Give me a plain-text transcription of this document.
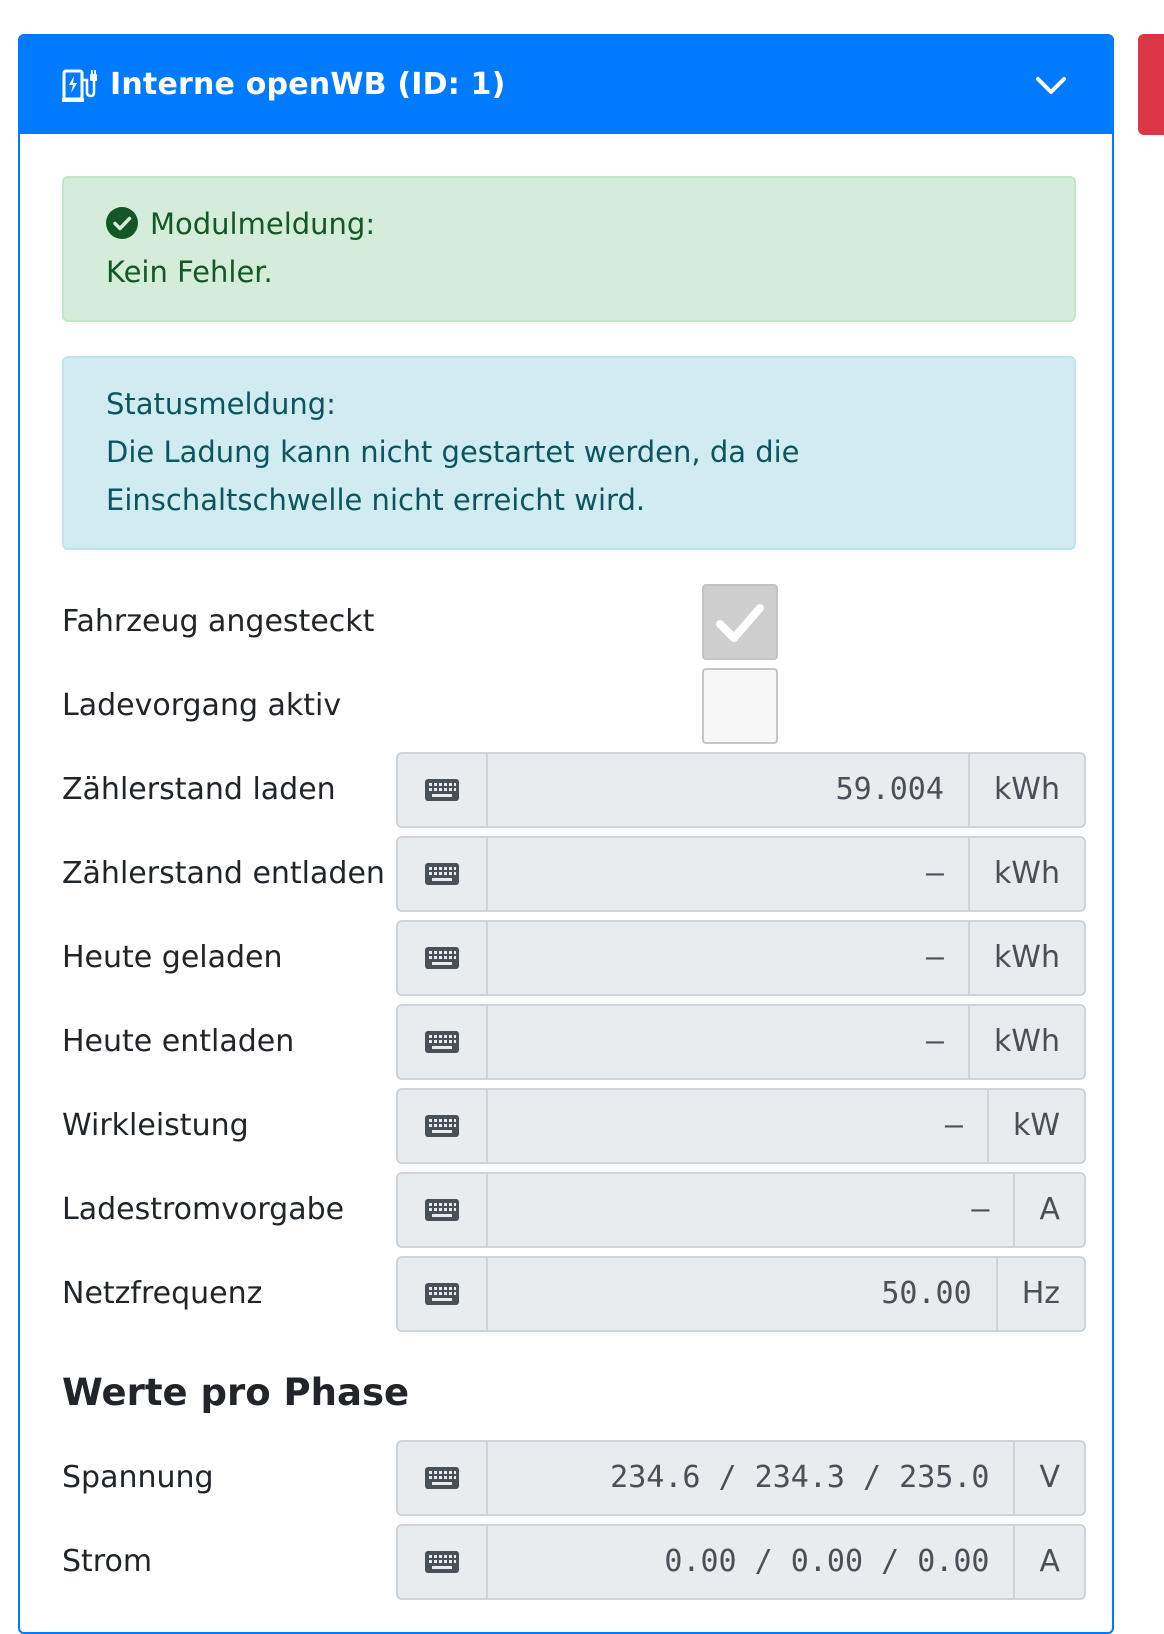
Interne openWB (ID: 1)
Modulmeldung:
Kein Fehler.
Statusmeldung:
Die Ladung kann nicht gestartet werden, da die
Einschaltschwelle nicht erreicht wird.
Fahrzeug angesteckt
Ladevorgang aktiv
Zählerstand laden	59.004	kWh
Zählerstand entladen	–	kWh
Heute geladen	–	kWh
Heute entladen	–	kWh
Wirkleistung	–	kW
Ladestromvorgabe	–	A
Netzfrequenz	50.00	Hz
Werte pro Phase
Spannung	234.6 / 234.3 / 235.0	V
Strom	0.00 / 0.00 / 0.00	A
